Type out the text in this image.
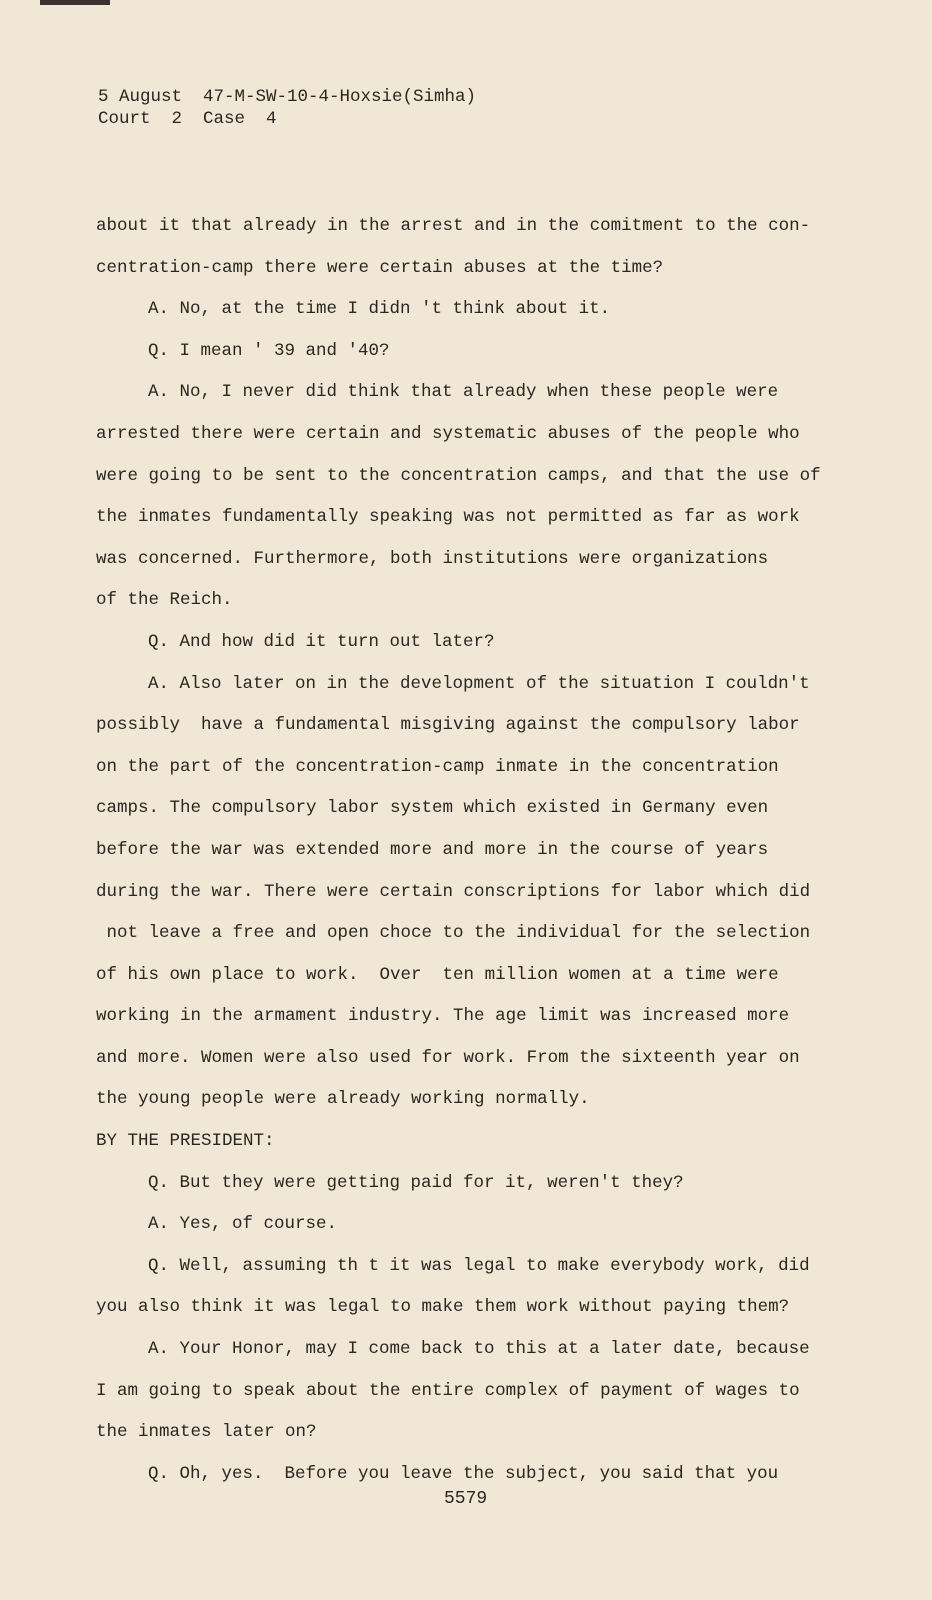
5 August  47-M-SW-10-4-Hoxsie(Simha)
Court  2  Case  4
about it that already in the arrest and in the comitment to the con-
centration-camp there were certain abuses at the time?
A. No, at the time I didn 't think about it.
Q. I mean ' 39 and '40?
A. No, I never did think that already when these people were
arrested there were certain and systematic abuses of the people who
were going to be sent to the concentration camps, and that the use of
the inmates fundamentally speaking was not permitted as far as work
was concerned. Furthermore, both institutions were organizations
of the Reich.
Q. And how did it turn out later?
A. Also later on in the development of the situation I couldn't
possibly  have a fundamental misgiving against the compulsory labor
on the part of the concentration-camp inmate in the concentration
camps. The compulsory labor system which existed in Germany even
before the war was extended more and more in the course of years
during the war. There were certain conscriptions for labor which did
not leave a free and open choce to the individual for the selection
of his own place to work.  Over  ten million women at a time were
working in the armament industry. The age limit was increased more
and more. Women were also used for work. From the sixteenth year on
the young people were already working normally.
BY THE PRESIDENT:
Q. But they were getting paid for it, weren't they?
A. Yes, of course.
Q. Well, assuming th t it was legal to make everybody work, did
you also think it was legal to make them work without paying them?
A. Your Honor, may I come back to this at a later date, because
I am going to speak about the entire complex of payment of wages to
the inmates later on?
Q. Oh, yes.  Before you leave the subject, you said that you
5579
